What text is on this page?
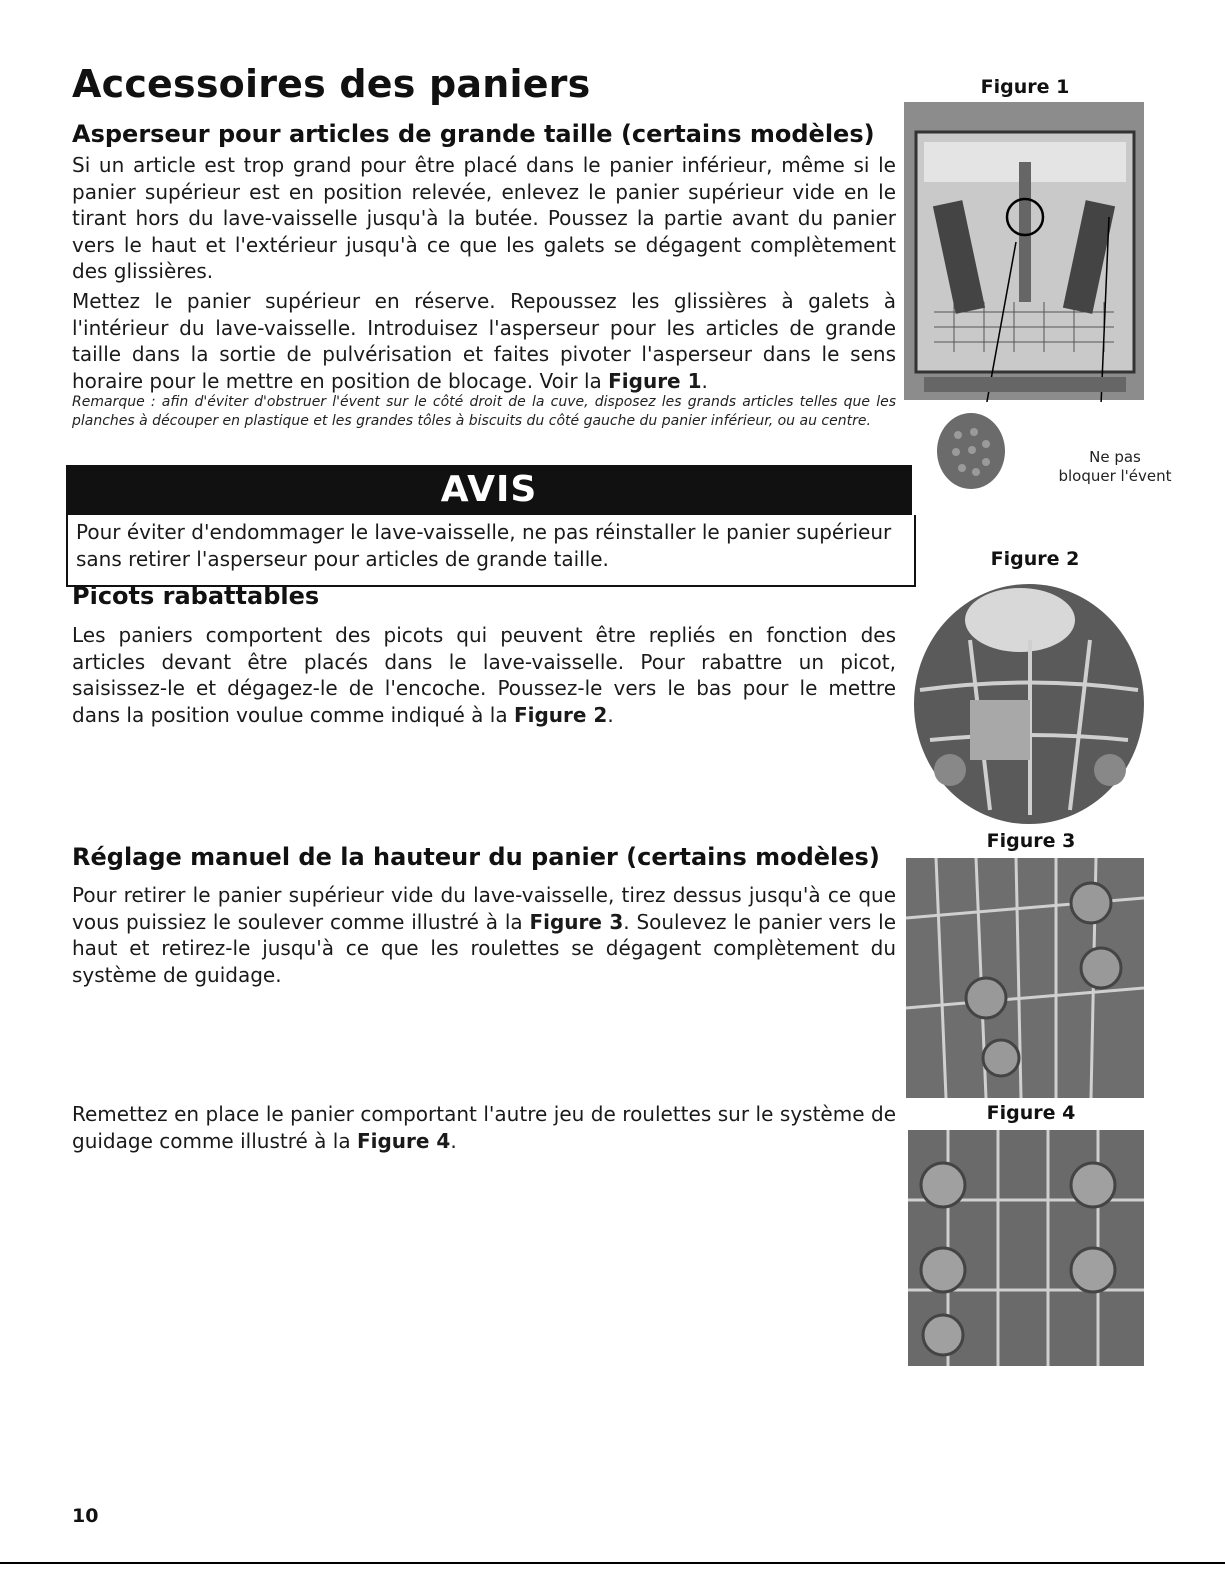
Accessoires des paniers
Asperseur pour articles de grande taille (certains modèles)
Si un article est trop grand pour être placé dans le panier inférieur, même si le panier supérieur est en position relevée, enlevez le panier supérieur vide en le tirant hors du lave-vaisselle jusqu'à la butée. Poussez la partie avant du panier vers le haut et l'extérieur jusqu'à ce que les galets se dégagent complètement des glissières.
Mettez le panier supérieur en réserve. Repoussez les glissières à galets à l'intérieur du lave-vaisselle. Introduisez l'asperseur pour les articles de grande taille dans la sortie de pulvérisation et faites pivoter l'asperseur dans le sens horaire pour le mettre en position de blocage. Voir la Figure 1.
Remarque : afin d'éviter d'obstruer l'évent sur le côté droit de la cuve, disposez les grands articles telles que les planches à découper en plastique et les grandes tôles à biscuits du côté gauche du panier inférieur, ou au centre.
AVIS
Pour éviter d'endommager le lave-vaisselle, ne pas réinstaller le panier supérieur sans retirer l'asperseur pour articles de grande taille.
Picots rabattables
Les paniers comportent des picots qui peuvent être repliés en fonction des articles devant être placés dans le lave-vaisselle. Pour rabattre un picot, saisissez-le et dégagez-le de l'encoche. Poussez-le vers le bas pour le mettre dans la position voulue comme indiqué à la Figure 2.
Réglage manuel de la hauteur du panier (certains modèles)
Pour retirer le panier supérieur vide du lave-vaisselle, tirez dessus jusqu'à ce que vous puissiez le soulever comme illustré à la Figure 3. Soulevez le panier vers le haut et retirez-le jusqu'à ce que les roulettes se dégagent complètement du système de guidage.
Remettez en place le panier comportant l'autre jeu de roulettes sur le système de guidage comme illustré à la Figure 4.
Figure 1
Ne pas
bloquer l'évent
Figure 2
Figure 3
Figure 4
10
